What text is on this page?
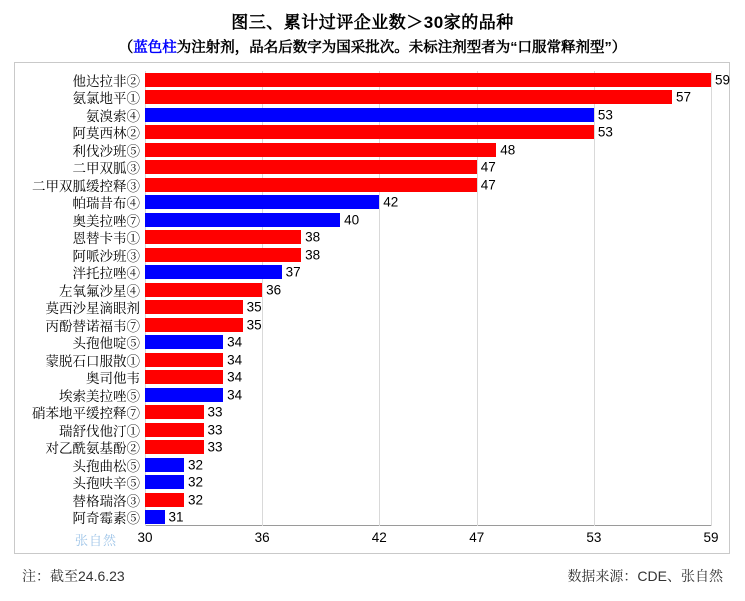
图三、累计过评企业数＞30家的品种
（蓝色柱为注射剂，品名后数字为国采批次。未标注剂型者为“口服常释剂型”）
30	36	42	47	53	59
他达拉非②	59
氨氯地平①	57
氨溴索④	53
阿莫西林②	53
利伐沙班⑤	48
二甲双胍③	47
二甲双胍缓控释③	47
帕瑞昔布④	42
奥美拉唑⑦	40
恩替卡韦①	38
阿哌沙班③	38
泮托拉唑④	37
左氧氟沙星④	36
莫西沙星滴眼剂	35
丙酚替诺福韦⑦	35
头孢他啶⑤	34
蒙脱石口服散①	34
奥司他韦	34
埃索美拉唑⑤	34
硝苯地平缓控释⑦	33
瑞舒伐他汀①	33
对乙酰氨基酚②	33
头孢曲松⑤	32
头孢呋辛⑤	32
替格瑞洛③	32
阿奇霉素⑤ 31
张自然
注：截至24.6.23	数据来源：CDE、张自然
